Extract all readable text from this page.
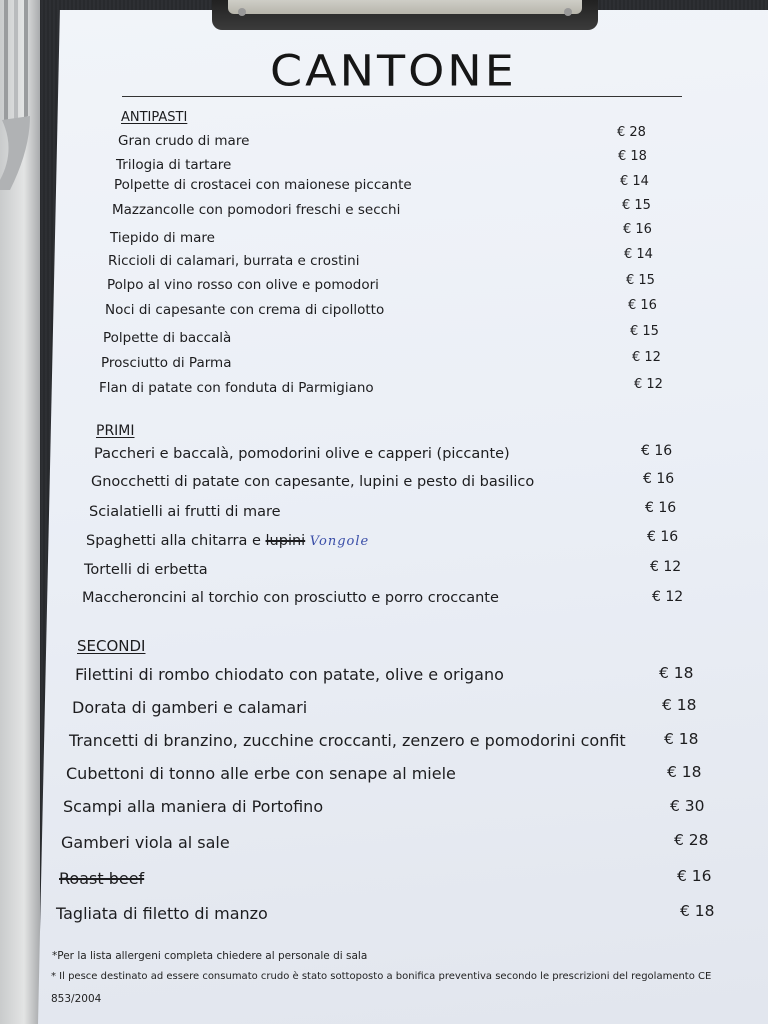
CANTONE
ANTIPASTI
Gran crudo di mare
€ 28
Trilogia di tartare
€ 18
Polpette di crostacei con maionese piccante	€ 14
Mazzancolle con pomodori freschi e secchi	€ 15
Tiepido di mare
€ 16
Riccioli di calamari, burrata e crostini	€ 14
Polpo al vino rosso con olive e pomodori	€ 15
Noci di capesante con crema di cipollotto	€ 16
Polpette di baccalà	€ 15
Prosciutto di Parma	€ 12
Flan di patate con fonduta di Parmigiano	€ 12
PRIMI
Paccheri e baccalà, pomodorini olive e capperi (piccante)	€ 16
Gnocchetti di patate con capesante, lupini e pesto di basilico	€ 16
Scialatielli ai frutti di mare	€ 16
Spaghetti alla chitarra e lupini Vongole	€ 16
Tortelli di erbetta	€ 12
Maccheroncini al torchio con prosciutto e porro croccante	€ 12
SECONDI
Filettini di rombo chiodato con patate, olive e origano	€ 18
Dorata di gamberi e calamari	€ 18
Trancetti di branzino, zucchine croccanti, zenzero e pomodorini confit € 18
Cubettoni di tonno alle erbe con senape al miele	€ 18
Scampi alla maniera di Portofino	€ 30
Gamberi viola al sale	€ 28
Roast beef	€ 16
Tagliata di filetto di manzo	€ 18
*Per la lista allergeni completa chiedere al personale di sala
* Il pesce destinato ad essere consumato crudo è stato sottoposto a bonifica preventiva secondo le prescrizioni del regolamento CE
853/2004
